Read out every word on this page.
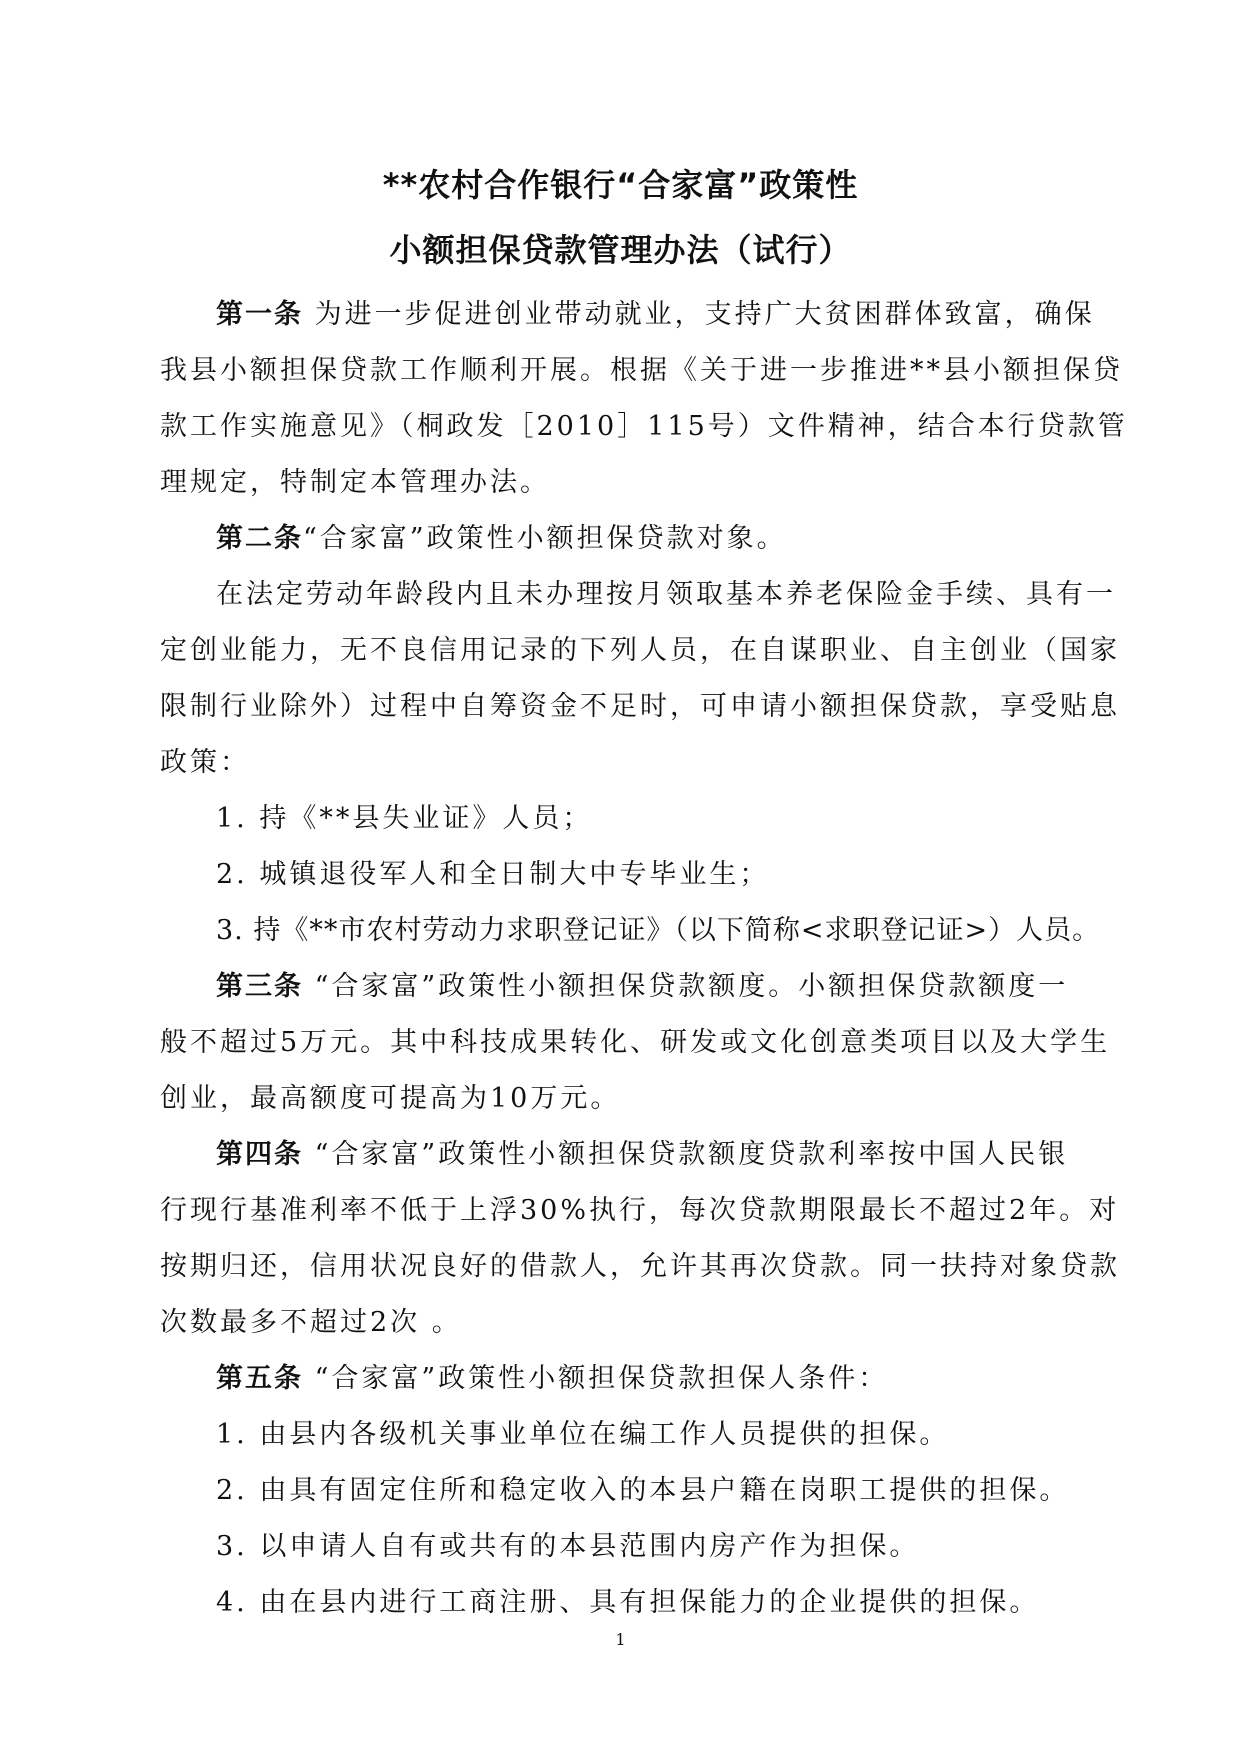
**农村合作银行“合家富”政策性
小额担保贷款管理办法（试行）
第一条 为进一步促进创业带动就业，支持广大贫困群体致富，确保
我县小额担保贷款工作顺利开展。根据《关于进一步推进**县小额担保贷
款工作实施意见》（桐政发［2010］115号）文件精神，结合本行贷款管
理规定，特制定本管理办法。
第二条“合家富”政策性小额担保贷款对象。
在法定劳动年龄段内且未办理按月领取基本养老保险金手续、具有一
定创业能力，无不良信用记录的下列人员，在自谋职业、自主创业（国家
限制行业除外）过程中自筹资金不足时，可申请小额担保贷款，享受贴息
政策：
1. 持《**县失业证》人员；
2. 城镇退役军人和全日制大中专毕业生；
3. 持《**市农村劳动力求职登记证》（以下简称<求职登记证>）人员。
第三条 “合家富”政策性小额担保贷款额度。小额担保贷款额度一
般不超过5万元。其中科技成果转化、研发或文化创意类项目以及大学生
创业，最高额度可提高为10万元。
第四条 “合家富”政策性小额担保贷款额度贷款利率按中国人民银
行现行基准利率不低于上浮30%执行，每次贷款期限最长不超过2年。对
按期归还，信用状况良好的借款人，允许其再次贷款。同一扶持对象贷款
次数最多不超过2次 。
第五条 “合家富”政策性小额担保贷款担保人条件：
1. 由县内各级机关事业单位在编工作人员提供的担保。
2. 由具有固定住所和稳定收入的本县户籍在岗职工提供的担保。
3. 以申请人自有或共有的本县范围内房产作为担保。
4. 由在县内进行工商注册、具有担保能力的企业提供的担保。
1
